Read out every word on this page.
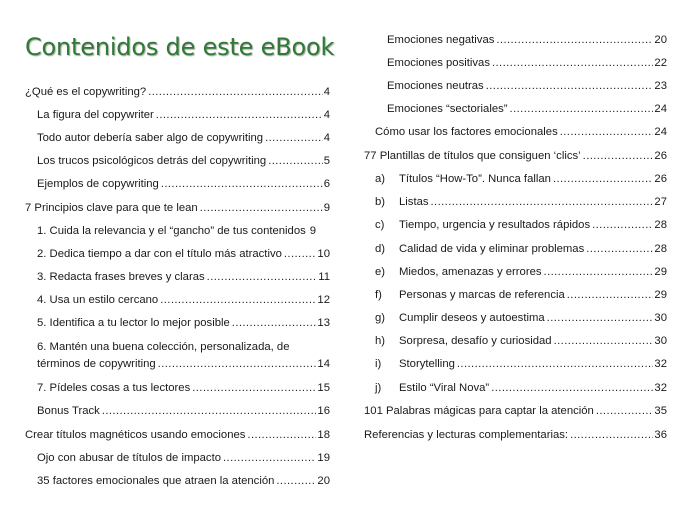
Contenidos de este eBook
¿Qué es el copywriting? .....	4
La figura del copywriter .....	4
Todo autor debería saber algo de copywriting .....	4
Los trucos psicológicos detrás del copywriting .....	5
Ejemplos de copywriting .....	6
7 Principios clave para que te lean .....	9
1. Cuida la relevancia y el “gancho” de tus contenidos 9
2. Dedica tiempo a dar con el título más atractivo .....	10
3. Redacta frases breves y claras .....	11
4. Usa un estilo cercano .....	12
5. Identifica a tu lector lo mejor posible .....	13
6. Mantén una buena colección, personalizada, de
términos de copywriting .....	14
7. Pídeles cosas a tus lectores .....	15
Bonus Track .....	16
Crear títulos magnéticos usando emociones .....	18
Ojo con abusar de títulos de impacto .....	19
35 factores emocionales que atraen la atención .....	20
Emociones negativas .....	20
Emociones positivas .....	22
Emociones neutras .....	23
Emociones “sectoriales” .....	24
Cómo usar los factores emocionales .....	24
77 Plantillas de títulos que consiguen ‘clics’ .....	26
a) Títulos “How-To”. Nunca fallan .....	26
b) Listas .....	27
c) Tiempo, urgencia y resultados rápidos .....	28
d) Calidad de vida y eliminar problemas .....	28
e) Miedos, amenazas y errores .....	29
f) Personas y marcas de referencia .....	29
g) Cumplir deseos y autoestima .....	30
h) Sorpresa, desafío y curiosidad .....	30
i) Storytelling .....	32
j) Estilo “Viral Nova” .....	32
101 Palabras mágicas para captar la atención .....	35
Referencias y lecturas complementarias: .....	36
